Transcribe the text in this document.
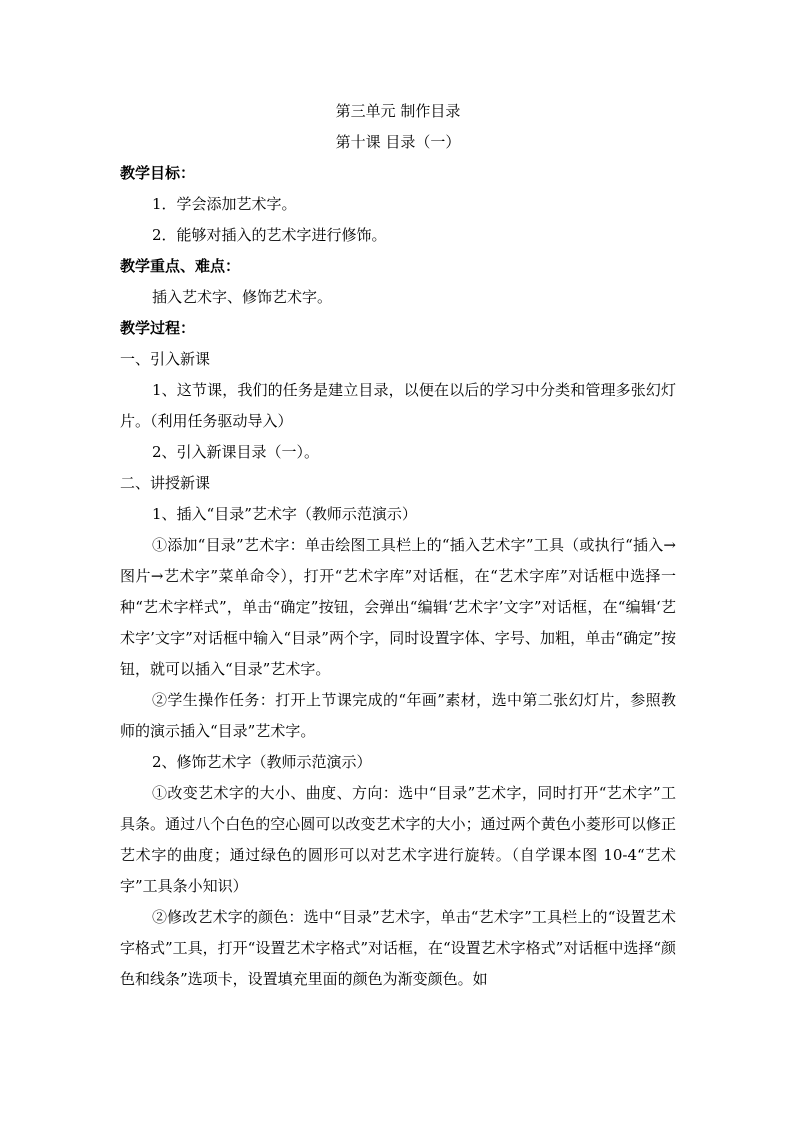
第三单元 制作目录

第十课 目录（一）

教学目标：

1．学会添加艺术字。

2．能够对插入的艺术字进行修饰。

教学重点、难点：

插入艺术字、修饰艺术字。

教学过程：

一、引入新课

1、这节课，我们的任务是建立目录，以便在以后的学习中分类和管理多张幻灯片。（利用任务驱动导入）

2、引入新课目录（一）。

二、讲授新课

1、插入“目录”艺术字（教师示范演示）

①添加“目录”艺术字：单击绘图工具栏上的“插入艺术字”工具（或执行“插入→图片→艺术字”菜单命令），打开“艺术字库”对话框，在“艺术字库”对话框中选择一种“艺术字样式”，单击“确定”按钮，会弹出“编辑‘艺术字’文字”对话框，在“编辑‘艺术字’文字”对话框中输入“目录”两个字，同时设置字体、字号、加粗，单击“确定”按钮，就可以插入“目录”艺术字。

②学生操作任务：打开上节课完成的“年画”素材，选中第二张幻灯片，参照教师的演示插入“目录”艺术字。

2、修饰艺术字（教师示范演示）

①改变艺术字的大小、曲度、方向：选中“目录”艺术字，同时打开“艺术字”工具条。通过八个白色的空心圆可以改变艺术字的大小；通过两个黄色小菱形可以修正艺术字的曲度；通过绿色的圆形可以对艺术字进行旋转。（自学课本图 10-4“艺术字”工具条小知识）

②修改艺术字的颜色：选中“目录”艺术字，单击“艺术字”工具栏上的“设置艺术字格式”工具，打开“设置艺术字格式”对话框，在“设置艺术字格式”对话框中选择“颜色和线条”选项卡，设置填充里面的颜色为渐变颜色。如
